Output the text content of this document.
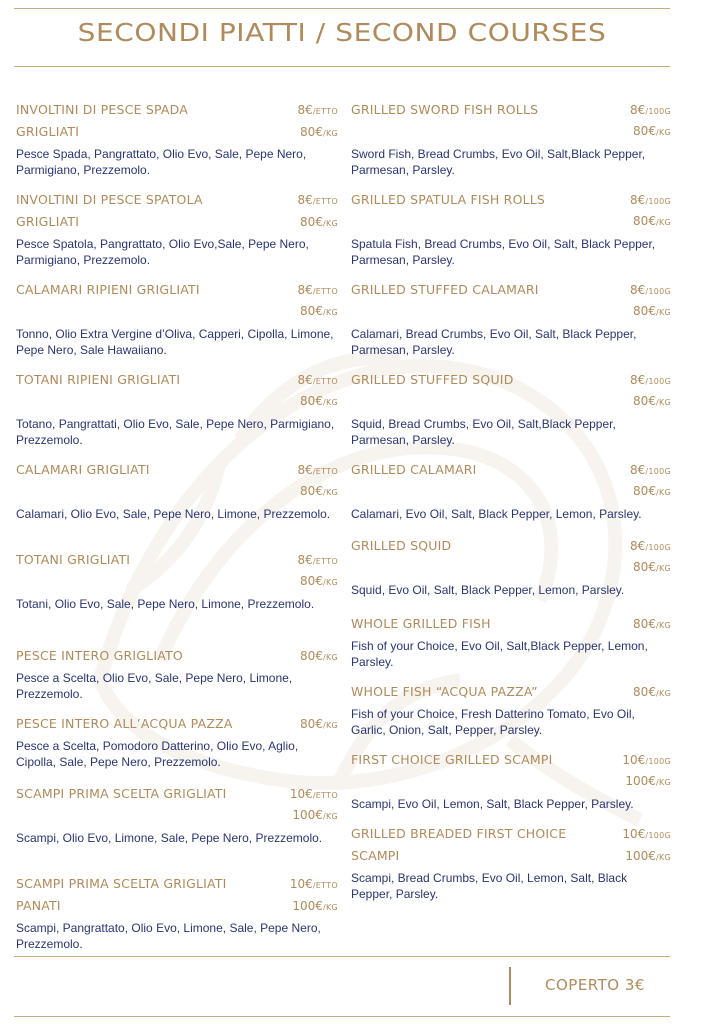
SECONDI PIATTI / SECOND COURSES
INVOLTINI DI PESCE SPADA	8€/ETTO
GRIGLIATI	80€/KG
Pesce Spada, Pangrattato, Olio Evo, Sale, Pepe Nero, Parmigiano, Prezzemolo.
INVOLTINI DI PESCE SPATOLA	8€/ETTO
GRIGLIATI	80€/KG
Pesce Spatola, Pangrattato, Olio Evo,Sale, Pepe Nero, Parmigiano, Prezzemolo.
CALAMARI RIPIENI GRIGLIATI	8€/ETTO
80€/KG
Tonno, Olio Extra Vergine d’Oliva, Capperi, Cipolla, Limone, Pepe Nero, Sale Hawaiiano.
TOTANI RIPIENI GRIGLIATI	8€/ETTO
80€/KG
Totano, Pangrattati, Olio Evo, Sale, Pepe Nero, Parmigiano, Prezzemolo.
CALAMARI GRIGLIATI	8€/ETTO
80€/KG
Calamari, Olio Evo, Sale, Pepe Nero, Limone, Prezzemolo.
TOTANI GRIGLIATI	8€/ETTO
80€/KG
Totani, Olio Evo, Sale, Pepe Nero, Limone, Prezzemolo.
PESCE INTERO GRIGLIATO	80€/KG
Pesce a Scelta, Olio Evo, Sale, Pepe Nero, Limone, Prezzemolo.
PESCE INTERO ALL’ACQUA PAZZA	80€/KG
Pesce a Scelta, Pomodoro Datterino, Olio Evo, Aglio, Cipolla, Sale, Pepe Nero, Prezzemolo.
SCAMPI PRIMA SCELTA GRIGLIATI	10€/ETTO
100€/KG
Scampi, Olio Evo, Limone, Sale, Pepe Nero, Prezzemolo.
SCAMPI PRIMA SCELTA GRIGLIATI	10€/ETTO
PANATI	100€/KG
Scampi, Pangrattato, Olio Evo, Limone, Sale, Pepe Nero, Prezzemolo.
GRILLED SWORD FISH ROLLS	8€/100G
80€/KG
Sword Fish, Bread Crumbs, Evo Oil, Salt,Black Pepper, Parmesan, Parsley.
GRILLED SPATULA FISH ROLLS	8€/100G
80€/KG
Spatula Fish, Bread Crumbs, Evo Oil, Salt, Black Pepper, Parmesan, Parsley.
GRILLED STUFFED CALAMARI	8€/100G
80€/KG
Calamari, Bread Crumbs, Evo Oil, Salt, Black Pepper, Parmesan, Parsley.
GRILLED STUFFED SQUID	8€/100G
80€/KG
Squid, Bread Crumbs, Evo Oil, Salt,Black Pepper, Parmesan, Parsley.
GRILLED CALAMARI	8€/100G
80€/KG
Calamari, Evo Oil, Salt, Black Pepper, Lemon, Parsley.
GRILLED SQUID	8€/100G
80€/KG
Squid, Evo Oil, Salt, Black Pepper, Lemon, Parsley.
WHOLE GRILLED FISH	80€/KG
Fish of your Choice, Evo Oil, Salt,Black Pepper, Lemon, Parsley.
WHOLE FISH “ACQUA PAZZA”	80€/KG
Fish of your Choice, Fresh Datterino Tomato, Evo Oil, Garlic, Onion, Salt, Pepper, Parsley.
FIRST CHOICE GRILLED SCAMPI	10€/100G
100€/KG
Scampi, Evo Oil, Lemon, Salt, Black Pepper, Parsley.
GRILLED BREADED FIRST CHOICE	10€/100G
SCAMPI	100€/KG
Scampi, Bread Crumbs, Evo Oil, Lemon, Salt, Black Pepper, Parsley.
COPERTO 3€
